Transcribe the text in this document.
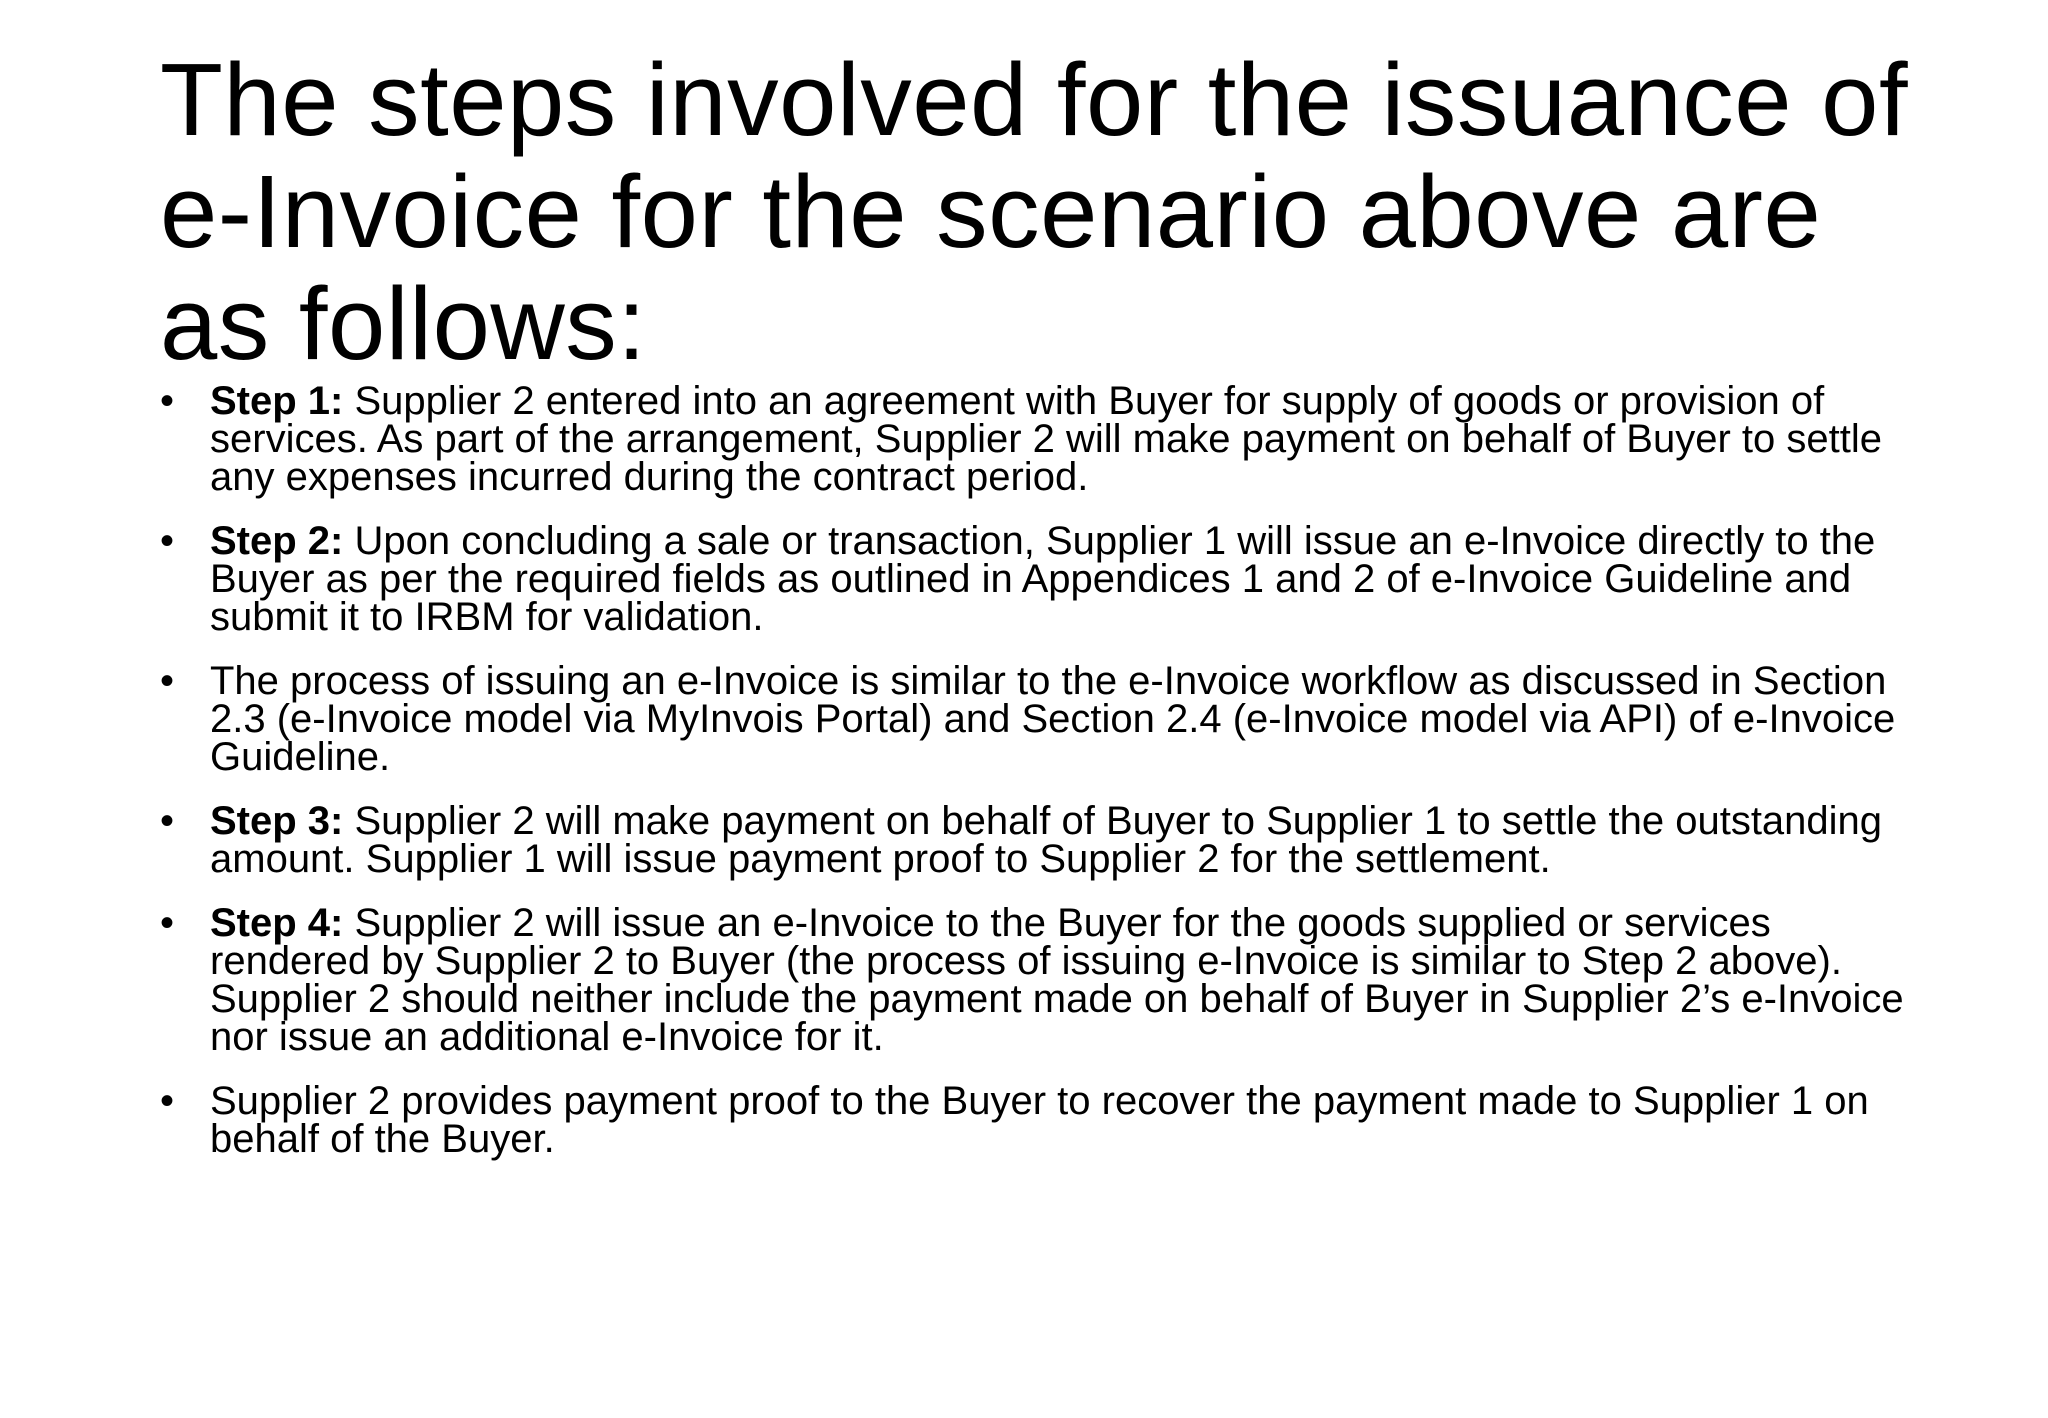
The steps involved for the issuance of e-Invoice for the scenario above are as follows:
• Step 1: Supplier 2 entered into an agreement with Buyer for supply of goods or provision of services. As part of the arrangement, Supplier 2 will make payment on behalf of Buyer to settle any expenses incurred during the contract period.
• Step 2: Upon concluding a sale or transaction, Supplier 1 will issue an e-Invoice directly to the Buyer as per the required fields as outlined in Appendices 1 and 2 of e-Invoice Guideline and submit it to IRBM for validation.
• The process of issuing an e-Invoice is similar to the e-Invoice workflow as discussed in Section 2.3 (e-Invoice model via MyInvois Portal) and Section 2.4 (e-Invoice model via API) of e-Invoice Guideline.
• Step 3: Supplier 2 will make payment on behalf of Buyer to Supplier 1 to settle the outstanding amount. Supplier 1 will issue payment proof to Supplier 2 for the settlement.
• Step 4: Supplier 2 will issue an e-Invoice to the Buyer for the goods supplied or services rendered by Supplier 2 to Buyer (the process of issuing e-Invoice is similar to Step 2 above). Supplier 2 should neither include the payment made on behalf of Buyer in Supplier 2’s e-Invoice nor issue an additional e-Invoice for it.
• Supplier 2 provides payment proof to the Buyer to recover the payment made to Supplier 1 on behalf of the Buyer.
